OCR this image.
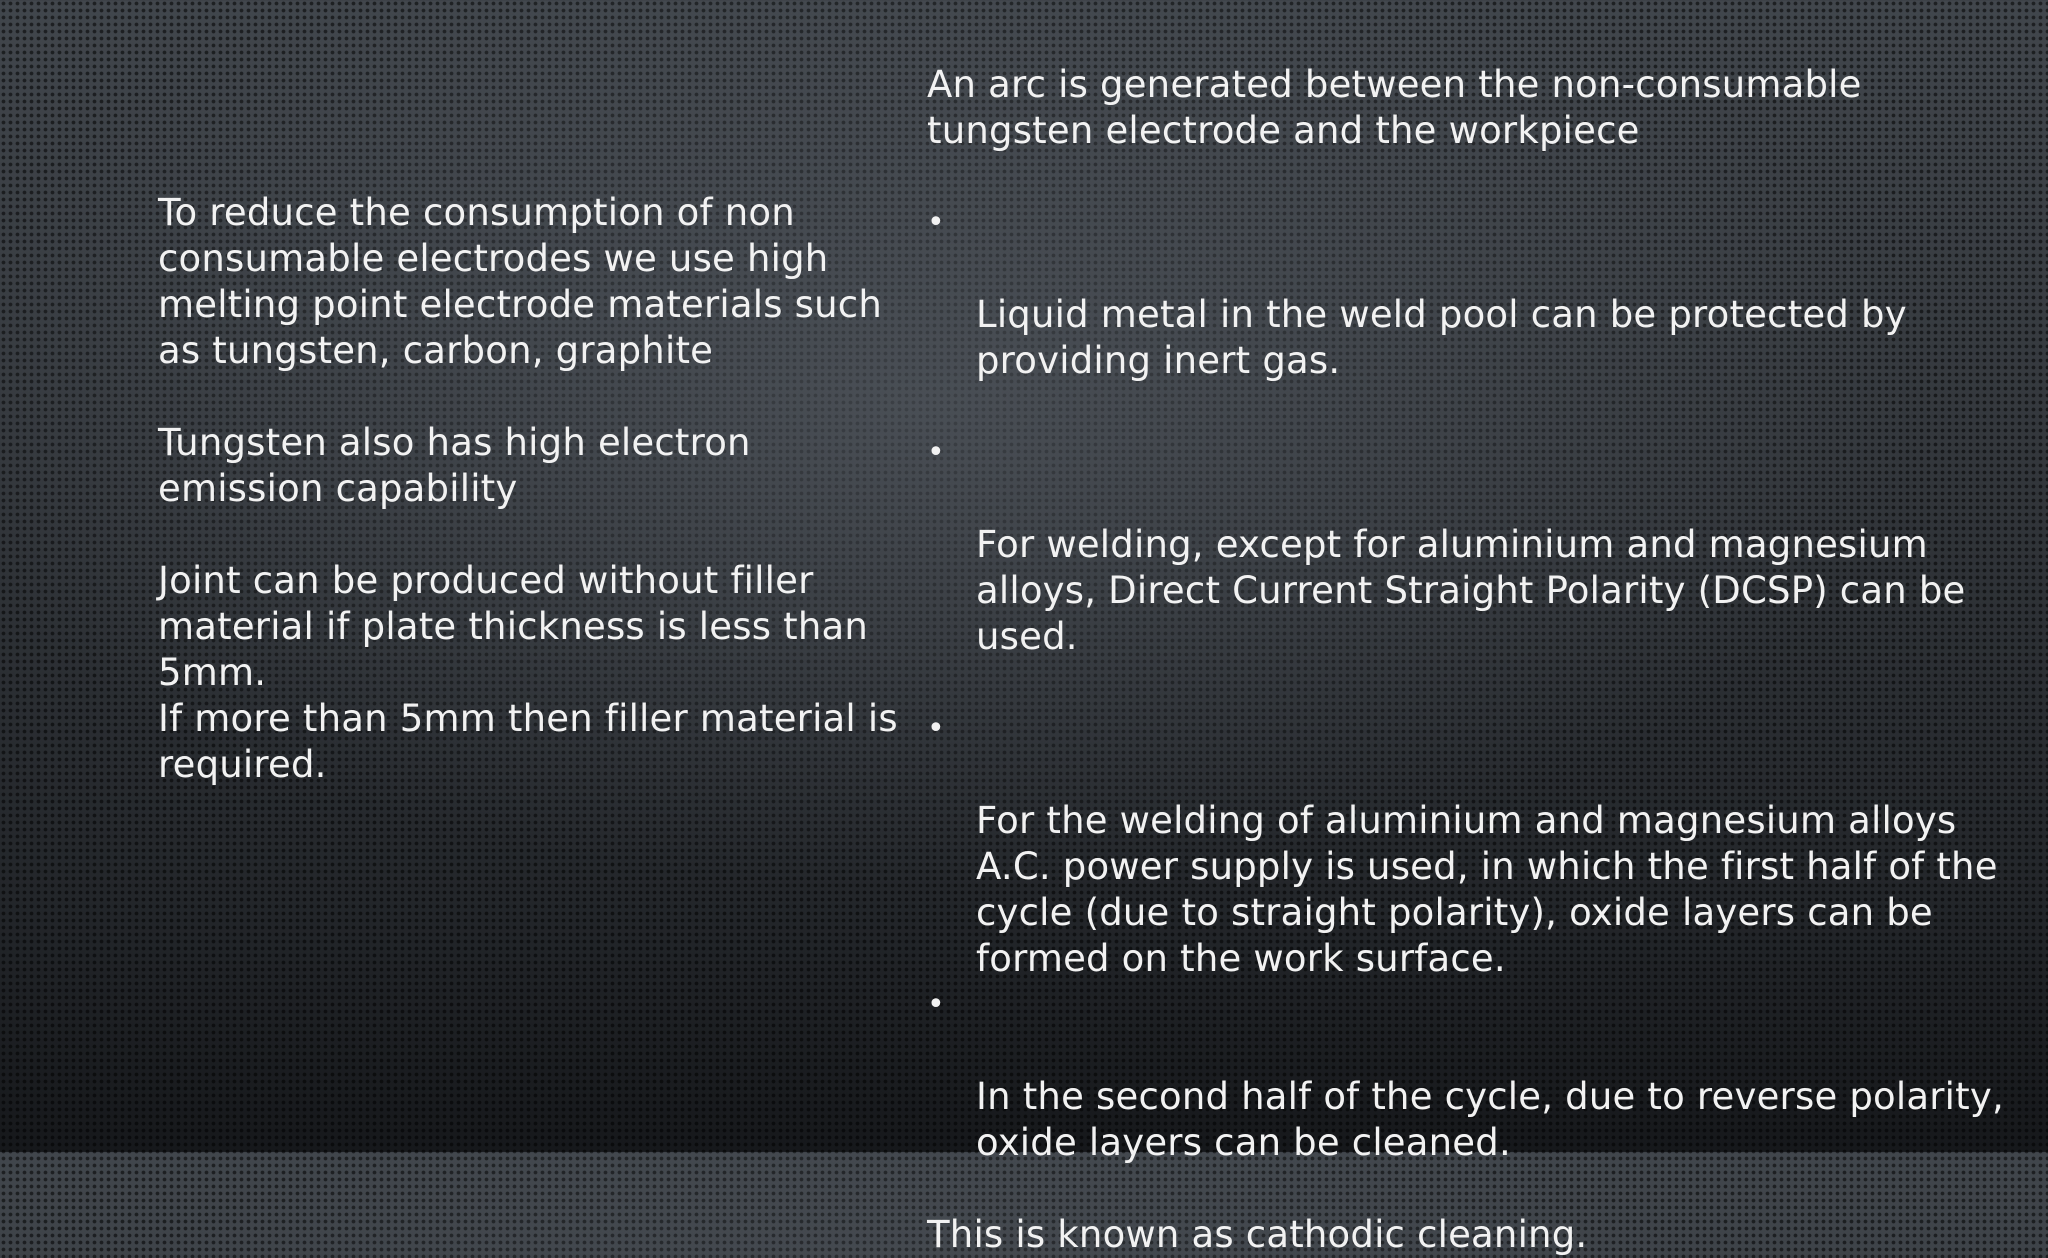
To reduce the consumption of non
consumable electrodes we use high
melting point electrode materials such
as tungsten, carbon, graphite

Tungsten also has high electron
emission capability

Joint can be produced without filler
material if plate thickness is less than
5mm.
If more than 5mm then filler material is
required.

An arc is generated between the non-consumable
tungsten electrode and the workpiece

•

Liquid metal in the weld pool can be protected by
providing inert gas.

•

For welding, except for aluminium and magnesium
alloys, Direct Current Straight Polarity (DCSP) can be
used.

•

For the welding of aluminium and magnesium alloys
A.C. power supply is used, in which the first half of the
cycle (due to straight polarity), oxide layers can be
formed on the work surface.

•

In the second half of the cycle, due to reverse polarity,
oxide layers can be cleaned.

This is known as cathodic cleaning.
